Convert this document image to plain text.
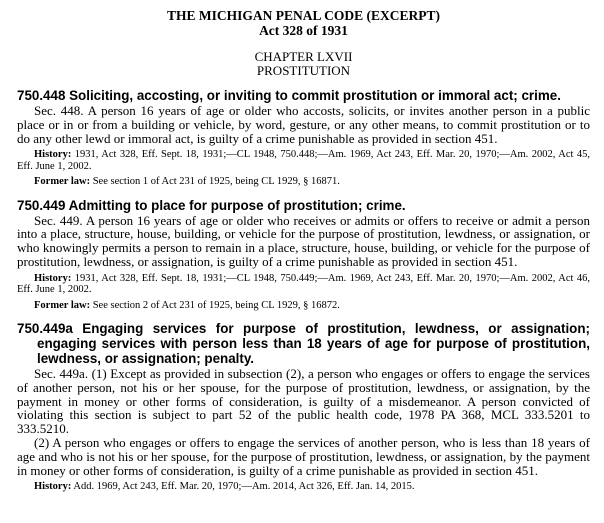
THE MICHIGAN PENAL CODE (EXCERPT)
Act 328 of 1931
CHAPTER LXVII
PROSTITUTION
750.448 Soliciting, accosting, or inviting to commit prostitution or immoral act; crime.

Sec. 448. A person 16 years of age or older who accosts, solicits, or invites another person in a public place or in or from a building or vehicle, by word, gesture, or any other means, to commit prostitution or to do any other lewd or immoral act, is guilty of a crime punishable as provided in section 451.

History: 1931, Act 328, Eff. Sept. 18, 1931;—CL 1948, 750.448;—Am. 1969, Act 243, Eff. Mar. 20, 1970;—Am. 2002, Act 45, Eff. June 1, 2002.

Former law: See section 1 of Act 231 of 1925, being CL 1929, § 16871.

750.449 Admitting to place for purpose of prostitution; crime.

Sec. 449. A person 16 years of age or older who receives or admits or offers to receive or admit a person into a place, structure, house, building, or vehicle for the purpose of prostitution, lewdness, or assignation, or who knowingly permits a person to remain in a place, structure, house, building, or vehicle for the purpose of prostitution, lewdness, or assignation, is guilty of a crime punishable as provided in section 451.

History: 1931, Act 328, Eff. Sept. 18, 1931;—CL 1948, 750.449;—Am. 1969, Act 243, Eff. Mar. 20, 1970;—Am. 2002, Act 46, Eff. June 1, 2002.

Former law: See section 2 of Act 231 of 1925, being CL 1929, § 16872.

750.449a Engaging services for purpose of prostitution, lewdness, or assignation; engaging services with person less than 18 years of age for purpose of prostitution, lewdness, or assignation; penalty.

Sec. 449a. (1) Except as provided in subsection (2), a person who engages or offers to engage the services of another person, not his or her spouse, for the purpose of prostitution, lewdness, or assignation, by the payment in money or other forms of consideration, is guilty of a misdemeanor. A person convicted of violating this section is subject to part 52 of the public health code, 1978 PA 368, MCL 333.5201 to 333.5210.

(2) A person who engages or offers to engage the services of another person, who is less than 18 years of age and who is not his or her spouse, for the purpose of prostitution, lewdness, or assignation, by the payment in money or other forms of consideration, is guilty of a crime punishable as provided in section 451.

History: Add. 1969, Act 243, Eff. Mar. 20, 1970;—Am. 2014, Act 326, Eff. Jan. 14, 2015.
